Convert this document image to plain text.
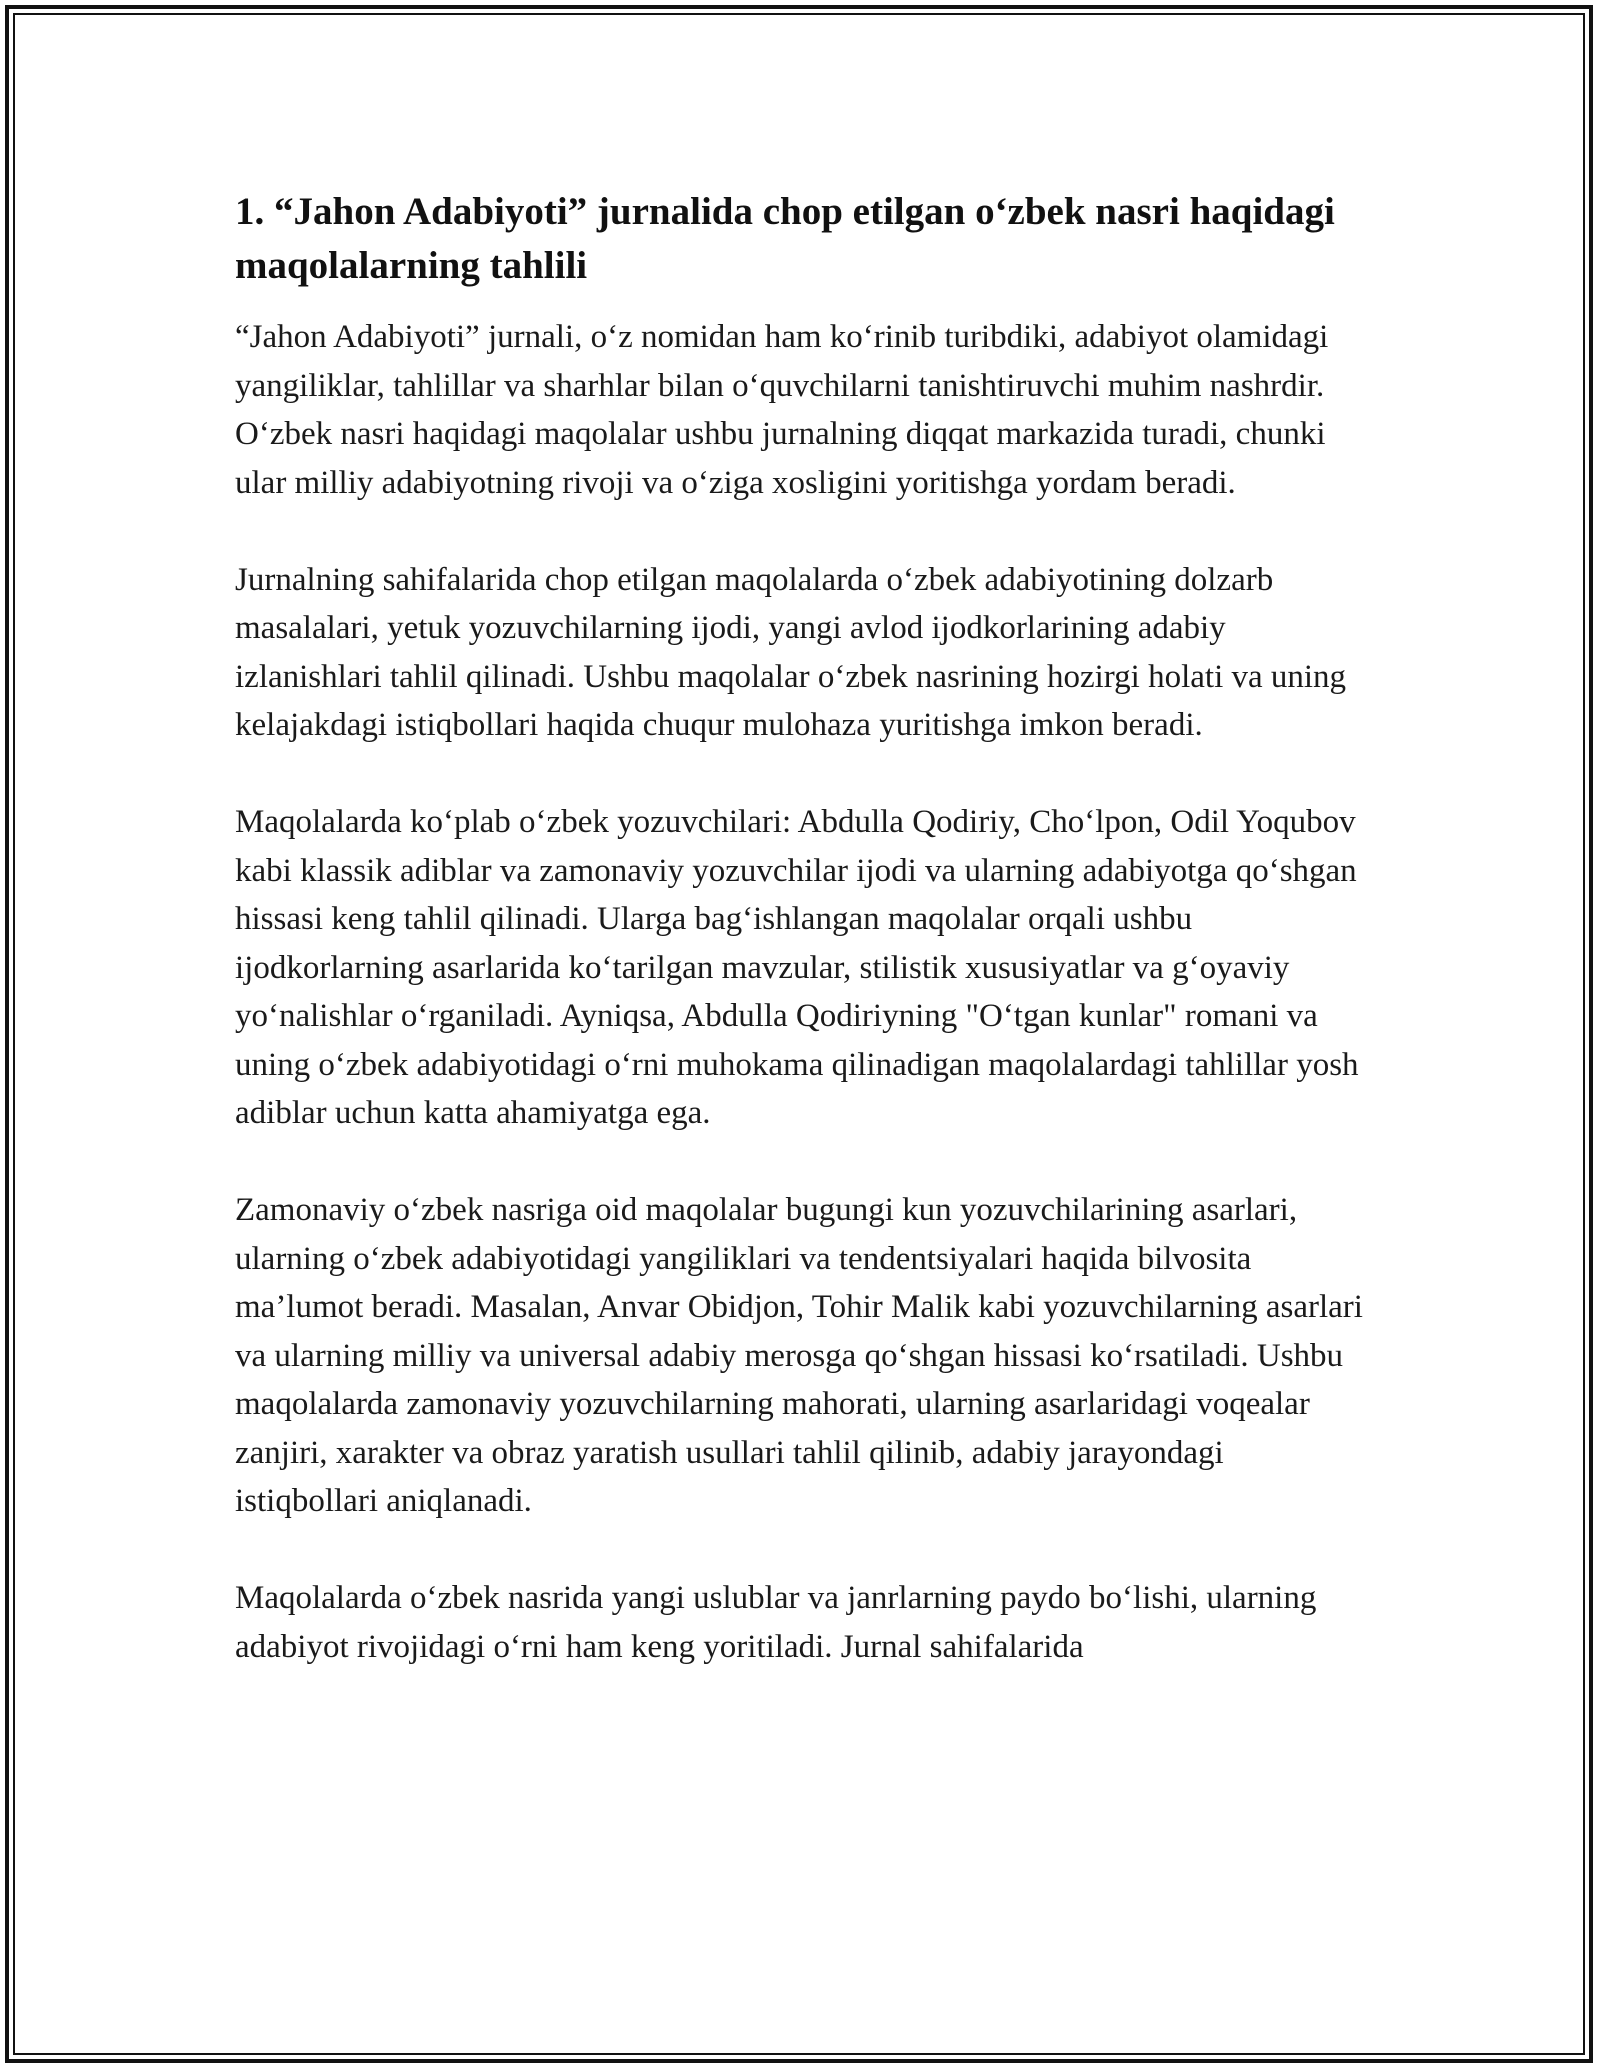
1. “Jahon Adabiyoti” jurnalida chop etilgan o‘zbek nasri haqidagi maqolalarning tahlili

“Jahon Adabiyoti” jurnali, o‘z nomidan ham ko‘rinib turibdiki, adabiyot olamidagi yangiliklar, tahlillar va sharhlar bilan o‘quvchilarni tanishtiruvchi muhim nashrdir. O‘zbek nasri haqidagi maqolalar ushbu jurnalning diqqat markazida turadi, chunki ular milliy adabiyotning rivoji va o‘ziga xosligini yoritishga yordam beradi.

Jurnalning sahifalarida chop etilgan maqolalarda o‘zbek adabiyotining dolzarb masalalari, yetuk yozuvchilarning ijodi, yangi avlod ijodkorlarining adabiy izlanishlari tahlil qilinadi. Ushbu maqolalar o‘zbek nasrining hozirgi holati va uning kelajakdagi istiqbollari haqida chuqur mulohaza yuritishga imkon beradi.

Maqolalarda ko‘plab o‘zbek yozuvchilari: Abdulla Qodiriy, Cho‘lpon, Odil Yoqubov kabi klassik adiblar va zamonaviy yozuvchilar ijodi va ularning adabiyotga qo‘shgan hissasi keng tahlil qilinadi. Ularga bag‘ishlangan maqolalar orqali ushbu ijodkorlarning asarlarida ko‘tarilgan mavzular, stilistik xususiyatlar va g‘oyaviy yo‘nalishlar o‘rganiladi. Ayniqsa, Abdulla Qodiriyning "O‘tgan kunlar" romani va uning o‘zbek adabiyotidagi o‘rni muhokama qilinadigan maqolalardagi tahlillar yosh adiblar uchun katta ahamiyatga ega.

Zamonaviy o‘zbek nasriga oid maqolalar bugungi kun yozuvchilarining asarlari, ularning o‘zbek adabiyotidagi yangiliklari va tendentsiyalari haqida bilvosita ma’lumot beradi. Masalan, Anvar Obidjon, Tohir Malik kabi yozuvchilarning asarlari va ularning milliy va universal adabiy merosga qo‘shgan hissasi ko‘rsatiladi. Ushbu maqolalarda zamonaviy yozuvchilarning mahorati, ularning asarlaridagi voqealar zanjiri, xarakter va obraz yaratish usullari tahlil qilinib, adabiy jarayondagi istiqbollari aniqlanadi.

Maqolalarda o‘zbek nasrida yangi uslublar va janrlarning paydo bo‘lishi, ularning adabiyot rivojidagi o‘rni ham keng yoritiladi. Jurnal sahifalarida
